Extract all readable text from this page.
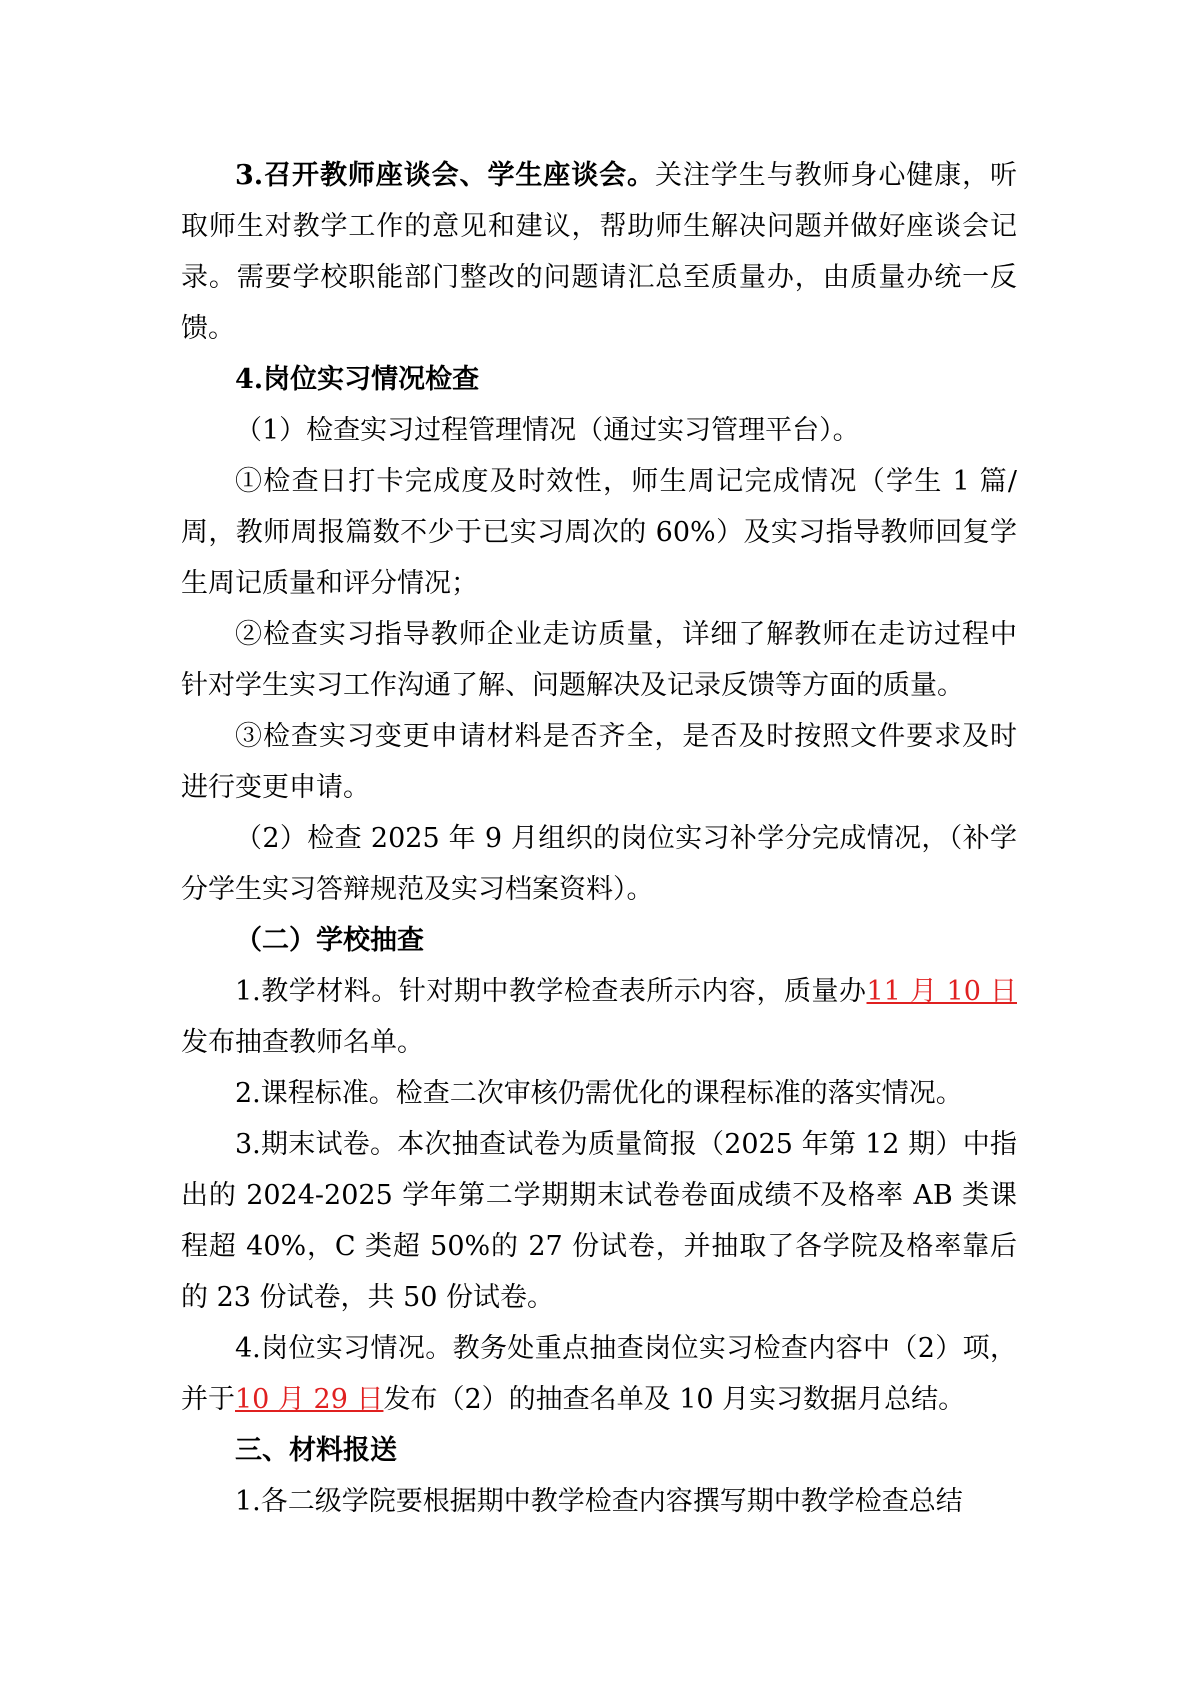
3.召开教师座谈会、学生座谈会。关注学生与教师身心健康，听取师生对教学工作的意见和建议，帮助师生解决问题并做好座谈会记录。需要学校职能部门整改的问题请汇总至质量办，由质量办统一反馈。

4.岗位实习情况检查

（1）检查实习过程管理情况（通过实习管理平台）。

①检查日打卡完成度及时效性，师生周记完成情况（学生 1 篇/周，教师周报篇数不少于已实习周次的 60%）及实习指导教师回复学生周记质量和评分情况；

②检查实习指导教师企业走访质量，详细了解教师在走访过程中针对学生实习工作沟通了解、问题解决及记录反馈等方面的质量。

③检查实习变更申请材料是否齐全，是否及时按照文件要求及时进行变更申请。

（2）检查 2025 年 9 月组织的岗位实习补学分完成情况，（补学分学生实习答辩规范及实习档案资料）。

（二）学校抽查

1.教学材料。针对期中教学检查表所示内容，质量办11 月 10 日发布抽查教师名单。

2.课程标准。检查二次审核仍需优化的课程标准的落实情况。

3.期末试卷。本次抽查试卷为质量简报（2025 年第 12 期）中指出的 2024-2025 学年第二学期期末试卷卷面成绩不及格率 AB 类课程超 40%，C 类超 50%的 27 份试卷，并抽取了各学院及格率靠后的 23 份试卷，共 50 份试卷。

4.岗位实习情况。教务处重点抽查岗位实习检查内容中（2）项，并于10 月 29 日发布（2）的抽查名单及 10 月实习数据月总结。

三、材料报送

1.各二级学院要根据期中教学检查内容撰写期中教学检查总结
